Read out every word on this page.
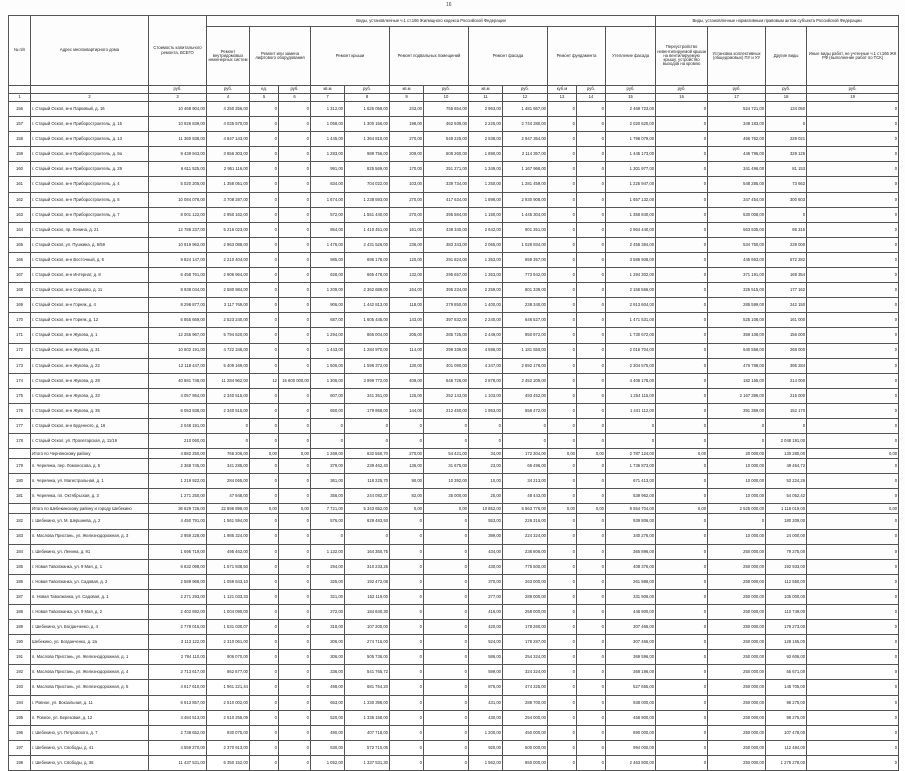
16
№ п/п	Адрес многоквартирного дома	Стоимость капитального ремонта, ВСЕГО	Виды, установленные ч.1 ст.166 Жилищного кодекса Российской Федерации												Виды, установленные нормативным правовым актом субъекта Российской Федерации			
			Ремонт внутридомовых инженерных систем	Ремонт или замена лифтового оборудования		Ремонт крыши		Ремонт подвальных помещений		Ремонт фасада		Ремонт фундамента		Утепление фасада	Переустройство невентилируемой крыши на вентилируемую крышу, устройство выходов на кровлю	Установка коллективных (общедомовых) ПУ и УУ	Другие виды	Иные виды работ, не учтенные ч.1 ст.166 ЖК РФ (выполнение работ по ТСК)
		руб.	руб.	ед.	руб.	кв.м	руб.	кв.м	руб.	кв.м	руб.	куб.м	руб.	руб.	руб.	руб.	руб.	руб.
1	2	3	4	5	6	7	8	9	10	11	12	13	14	15	16	17	18	19
156	г. Старый Оскол, м-н Парковый, д. 16	10 468 904,00	4 250 256,00	0	0	1 312,00	1 625 059,00	243,00	755 654,00	2 963,00	1 481 667,00	0	0	2 469 723,00	0	524 721,00	134 050	0
157	г. Старый Оскол, м-н Приборостроитель, д. 15	10 926 839,00	4 035 570,00	0	0	1 058,00	1 300 156,00	198,00	462 939,00	2 225,00	2 744 280,00	0	0	2 020 620,00	0	348 183,00	0	0
158	г. Старый Оскол, м-н Приборостроитель, д. 13	11 360 938,00	4 647 143,00	0	0	1 445,00	1 364 810,00	270,00	549 225,00	2 538,00	2 947 354,00	0	0	1 796 079,00	0	466 762,00	229 021	0
159	г. Старый Оскол, м-н Приборостроитель, д. 9а	9 439 943,00	3 656 303,00	0	0	1 283,00	989 756,00	209,00	608 260,00	1 890,00	2 114 357,00	0	0	1 445 173,00	0	446 795,00	329 125	0
160	г. Старый Оскол, м-н Приборостроитель, д. 29	6 611 525,00	2 951 116,00	0	0	991,00	825 569,00	170,00	251 271,00	1 349,00	1 167 968,00	0	0	1 301 977,00	0	341 496,00	81 153	0
161	г. Старый Оскол, м-н Приборостроитель, д. 4	5 020 205,00	1 358 051,00	0	0	834,00	704 022,00	103,00	339 734,00	1 250,00	1 281 459,00	0	0	1 225 947,00	0	548 285,00	73 662	0
162	г. Старый Оскол, м-н Приборостроитель, д. 6	10 084 078,00	3 708 287,00	0	0	1 674,00	1 238 593,00	270,00	417 634,00	1 898,00	2 930 908,00	0	0	1 657 132,00	0	347 454,00	300 603	0
163	г. Старый Оскол, м-н Приборостроитель, д. 7	8 001 122,00	2 950 162,00	0	0	572,00	1 551 440,00	270,00	395 584,00	1 150,00	1 445 304,00	0	0	1 358 840,00	0	530 008,00	0	0
164	г. Старый Оскол, пр. Ленина, д. 21	12 786 237,00	5 216 023,00	0	0	864,00	1 410 451,00	161,00	438 340,00	2 642,00	901 351,00	0	0	2 964 440,00	0	563 935,00	86 315	0
165	г. Старый Оскол, ул. Пушкина, д. 6/59	10 919 962,00	2 963 088,00	0	0	1 476,00	2 431 526,00	236,00	383 343,00	2 065,00	1 028 834,00	0	0	2 456 384,00	0	534 750,00	239 000	0
166	г. Старый Оскол, м-н Восточный, д. 6	9 824 147,00	2 210 404,00	0	0	985,00	696 178,00	120,00	291 824,00	1 353,00	659 357,00	0	0	3 586 908,00	0	445 663,00	572 282	0
167	г. Старый Оскол, м-н Интернат, д. 8	6 458 761,00	2 906 964,00	0	0	628,00	665 478,00	132,00	295 657,00	1 353,00	773 942,00	0	0	1 294 302,00	0	371 191,00	169 354	0
168	г. Старый Оскол, м-н Сормово, д. 11	8 938 044,00	2 580 984,00	0	0	1 209,00	2 362 689,00	164,00	395 234,00	2 259,00	801 339,00	0	0	2 156 566,00	0	325 515,00	177 162	0
169	г. Старый Оскол, м-н Горняк, д. 4	8 298 877,00	3 117 769,00	0	0	906,00	1 442 813,00	118,00	279 850,00	1 400,00	238 340,00	0	0	2 913 604,00	0	285 599,00	242 150	0
170	г. Старый Оскол, м-н Горняк, д. 12	6 855 669,00	2 523 240,00	0	0	687,00	1 605 445,00	143,00	397 832,00	2 240,00	646 527,00	0	0	1 471 531,00	0	525 108,00	161 000	0
171	г. Старый Оскол, м-н Жукова, д. 1	12 255 967,00	5 794 620,00	0	0	1 294,00	865 004,00	205,00	285 725,00	2 449,00	950 972,00	0	0	1 730 672,00	0	359 108,00	156 000	0
172	г. Старый Оскол, м-н Жукова, д. 31	10 602 191,00	4 722 346,00	0	0	1 443,00	1 284 970,00	114,00	299 339,00	4 596,00	1 181 550,00	0	0	2 016 704,00	0	540 558,00	268 000	0
173	г. Старый Оскол, м-н Жукова, д. 22	12 118 447,00	5 409 169,00	0	0	1 506,00	1 596 372,00	130,00	401 090,00	4 347,00	2 892 178,00	0	0	2 304 575,00	0	476 788,00	395 284	0
174	г. Старый Оскол, м-н Жукова, д. 28	40 881 748,00	11 284 962,00	12	15 600 000,00	1 306,00	3 999 772,00	408,00	646 726,00	2 878,00	2 452 209,00	0	0	4 406 178,00	0	182 155,00	214 000	0
175	г. Старый Оскол, м-н Жукова, д. 33	4 057 954,00	2 340 515,00	0	0	607,00	341 351,00	125,00	252 143,00	1 103,00	493 452,00	0	0	1 254 115,00	0	2 167 396,00	215 000	0
176	г. Старый Оскол, м-н Жукова, д. 35	6 053 938,00	2 340 515,00	0	0	650,00	179 958,00	144,00	212 450,00	1 953,00	558 472,00	0	0	1 441 112,00	0	391 369,00	152 170	0
177	г. Старый Оскол, м-н Буденного, д. 16	2 048 191,00	0	0	0	0	0	0	0	0	0	0	0	0	0	0	0	0
178	г. Старый Оскол, ул. Пролетарская, д. 11/19	210 060,00	0	0	0	0	0	0	0	0	0	0	0	0	0	0	2 048 191,00	0
	Итого по Чернянскому району	4 882 250,00	766 206,00	0,00	0,00	1 269,00	632 550,70	270,00	54 421,00	34,00	172 304,00	0,00	0,00	2 787 124,00	0,00	20 000,00	130 280,00	0,00
179	п. Чернянка, пер. Ломоносова, д. 5	2 368 745,00	341 285,00	0	0	379,00	239 462,40	136,00	31 675,00	23,00	66 496,00	0	0	1 736 873,00	0	10 000,00	49 454,72	0
180	п. Чернянка, ул. Магистральная, д. 1	1 219 922,00	284 065,00	0	0	361,00	118 225,70	90,00	10 392,00	10,00	34 213,00	0	0	671 413,00	0	10 000,00	53 224,26	0
181	п. Чернянка, пл. Октябрьская, д. 3	1 271 250,00	47 948,00	0	0	356,00	244 082,37	82,00	35 000,00	25,00	48 443,00	0	0	539 962,00	0	10 000,00	54 052,42	0
	Итого по Шебекинскому району и городу Шебекино	36 629 726,00	22 896 898,00	0,00	0,00	7 721,00	5 343 652,00	0,00	0,00	10 852,00	5 563 776,00	0,00	0,00	9 554 704,00	0,00	2 525 000,00	1 118 019,00	0,00
182	г. Шебекино, ул. М. Шершнева, д. 2	4 450 791,00	1 561 594,00	0	0	576,00	629 483,93	0	0	553,00	226 316,00	0	0	939 806,00	0	0	180 209,00	0
183	п. Маслова Пристань, ул. Железнодорожная, д. 3	2 959 228,00	1 985 324,00	0	0	0	0	0	0	399,00	224 324,00	0	0	340 276,00	0	10 000,00	24 000,00	0
184	г. Шебекино, ул. Ленина, д. 91	1 695 719,00	495 462,00	0	0	1 132,00	164 350,75	0	0	434,00	236 806,00	0	0	365 896,00	0	250 000,00	79 275,00	0
185	г. Новая Таволжанка, ул. 9 Мая, д. 1	6 632 098,00	1 571 938,50	0	0	294,00	310 233,26	0	0	430,00	776 500,00	0	0	408 376,00	0	250 000,00	192 933,00	0
186	г. Новая Таволжанка, ул. Садовая, д. 2	2 589 968,00	1 059 643,10	0	0	325,00	192 472,08	0	0	370,00	263 000,00	0	0	261 986,00	0	250 000,00	112 550,00	0
187	п. Новая Таволжанка, ул. Садовая, д. 1	2 271 293,00	1 121 033,33	0	0	321,00	152 119,00	0	0	277,00	289 000,00	0	0	331 906,00	0	250 000,00	105 000,00	0
188	г. Новая Таволжанка, ул. 9 Мая, д. 2	2 402 692,00	1 004 090,00	0	0	272,00	184 840,30	0	0	416,00	258 000,00	0	0	446 900,00	0	250 000,00	110 749,00	0
189	г. Шебекино, ул. Богданченко, д. 4	2 778 015,00	1 531 030,07	0	0	318,00	107 200,00	0	0	420,00	178 260,00	0	0	307 466,00	0	250 000,00	179 273,00	0
190	Шебекино, ул. Богданченко, д. 2а	3 113 122,00	2 310 061,00	0	0	306,00	274 716,00	0	0	524,00	178 287,00	0	0	307 466,00	0	250 000,00	128 155,00	0
191	п. Маслова Пристань, ул. Железнодорожная, д. 1	2 784 110,00	906 070,00	0	0	306,00	505 736,00	0	0	586,00	254 324,00	0	0	369 596,00	0	250 000,00	93 606,00	0
192	п. Маслова Пристань, ул. Железнодорожная, д. 4	2 713 617,00	862 677,00	0	0	336,00	541 765,72	0	0	599,00	324 324,00	0	0	368 196,00	0	250 000,00	55 671,00	0
193	п. Маслова Пристань, ул. Железнодорожная, д. 5	4 617 610,00	1 961 221,44	0	0	498,00	681 754,20	0	0	876,00	474 325,00	0	0	527 655,00	0	250 000,00	148 705,00	0
194	г. Ровное, ул. Вокзальная, д. 11	6 913 857,00	2 510 002,00	0	0	653,00	1 330 398,00	0	0	431,00	288 700,00	0	0	938 000,00	0	250 000,00	98 275,00	0
195	п. Ровное, ул. Березовая, д. 12	4 484 513,00	2 510 255,09	0	0	520,00	1 336 158,00	0	0	430,00	254 000,00	0	0	458 900,00	0	250 000,00	98 275,00	0
196	г. Шебекино, ул. Петровского, д. 7	2 738 652,00	930 075,00	0	0	490,00	407 718,00	0	0	1 200,00	450 000,00	0	0	890 000,00	0	250 000,00	107 478,00	0
197	г. Шебекино, ул. Свободы, д. 41	4 559 270,00	2 370 913,00	0	0	530,00	572 710,06	0	0	920,00	500 000,00	0	0	994 000,00	0	250 000,00	112 484,00	0
198	г. Шебекино, ул. Свободы, д. 38	11 437 531,00	6 350 152,00	0	0	1 052,00	1 337 531,30	0	0	1 562,00	650 000,00	0	0	2 463 800,00	0	250 000,00	1 276 278,00	0
